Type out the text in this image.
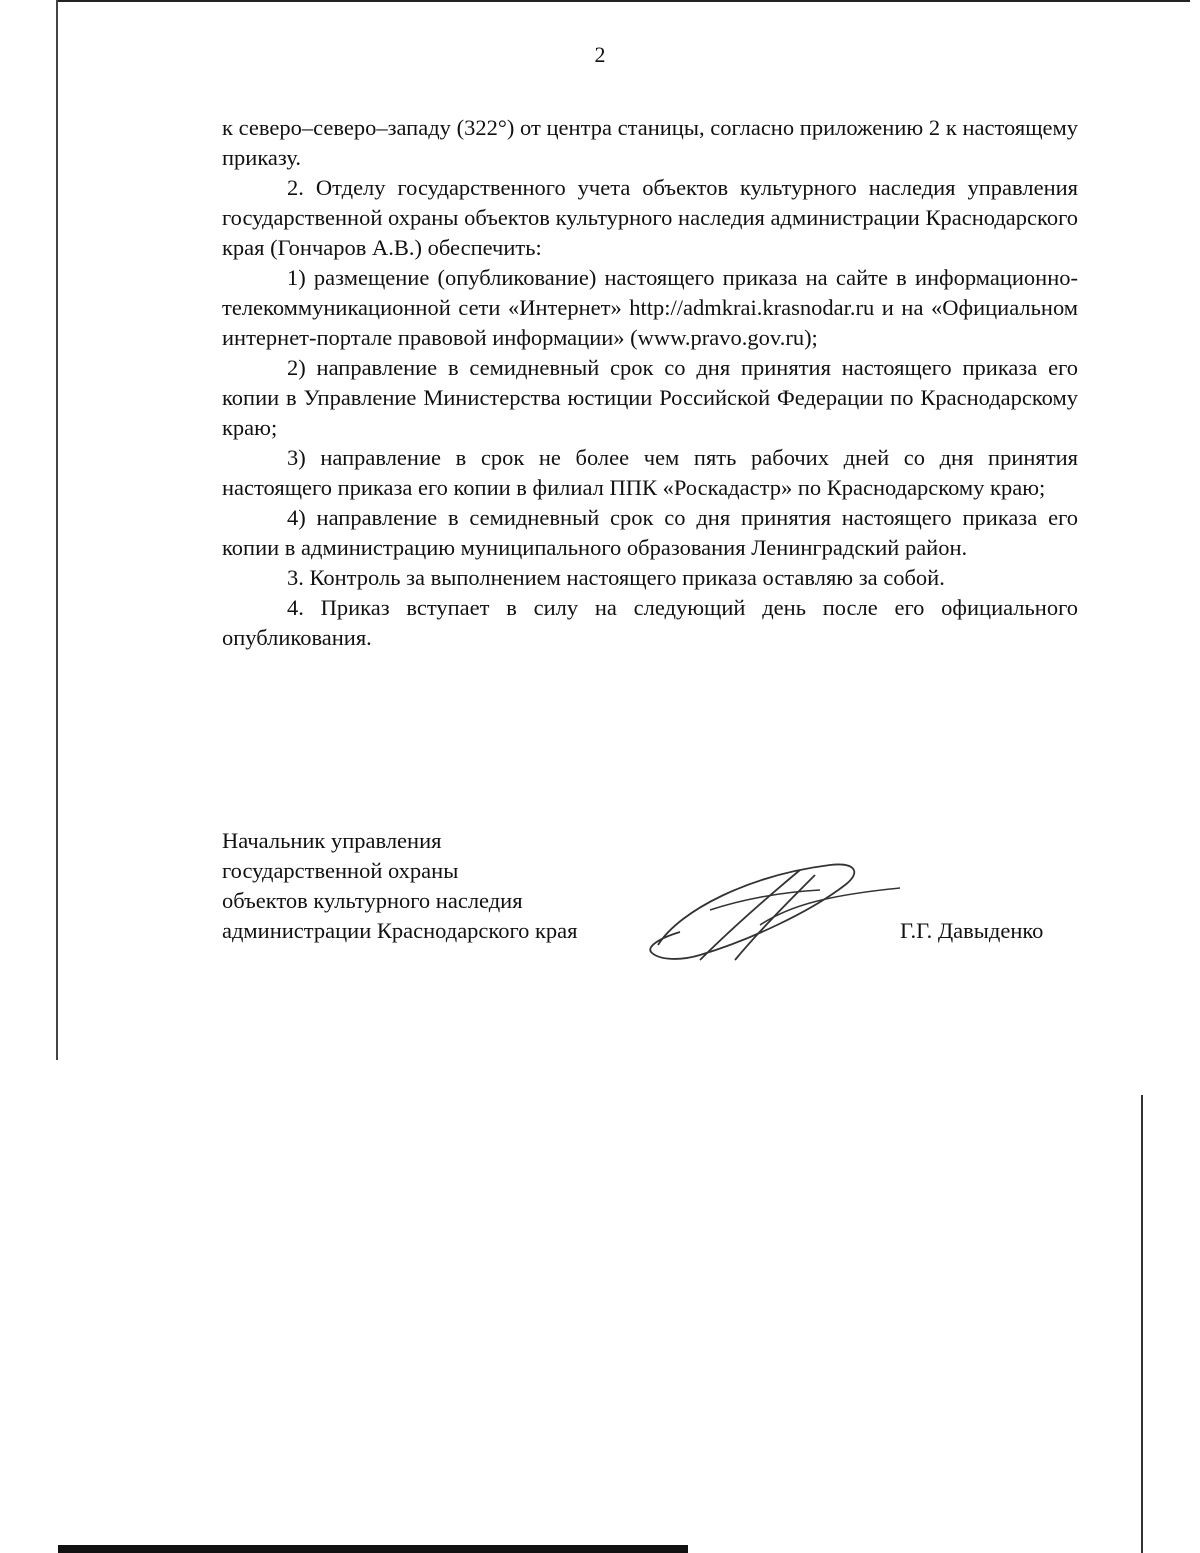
2

к северо–северо–западу (322°) от центра станицы, согласно приложению 2 к настоящему приказу.

2. Отделу государственного учета объектов культурного наследия управления государственной охраны объектов культурного наследия администрации Краснодарского края (Гончаров А.В.) обеспечить:

1) размещение (опубликование) настоящего приказа на сайте в информационно-телекоммуникационной сети «Интернет» http://admkrai.krasnodar.ru и на «Официальном интернет-портале правовой информации» (www.pravo.gov.ru);

2) направление в семидневный срок со дня принятия настоящего приказа его копии в Управление Министерства юстиции Российской Федерации по Краснодарскому краю;

3) направление в срок не более чем пять рабочих дней со дня принятия настоящего приказа его копии в филиал ППК «Роскадастр» по Краснодарскому краю;

4) направление в семидневный срок со дня принятия настоящего приказа его копии в администрацию муниципального образования Ленинградский район.

3. Контроль за выполнением настоящего приказа оставляю за собой.

4. Приказ вступает в силу на следующий день после его официального опубликования.

Начальник управления
государственной охраны
объектов культурного наследия
администрации Краснодарского края	Г.Г. Давыденко
